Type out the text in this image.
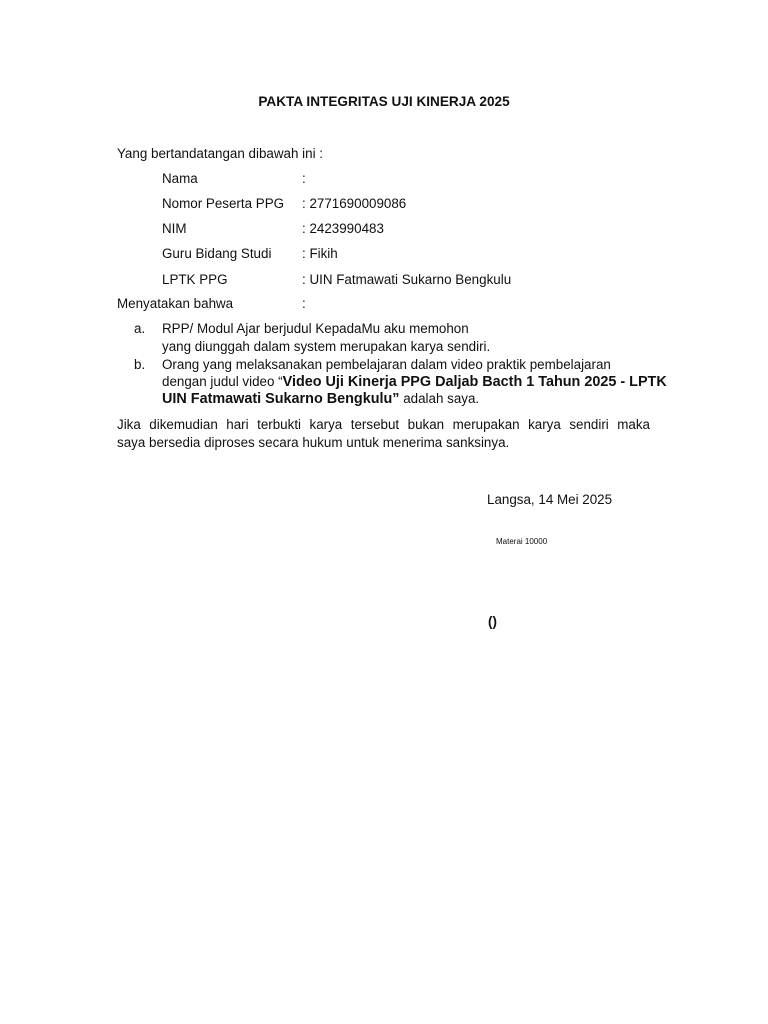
PAKTA INTEGRITAS UJI KINERJA 2025
Yang bertandatangan dibawah ini :
Nama	:
Nomor Peserta PPG : 2771690009086
NIM	: 2423990483
Guru Bidang Studi : Fikih
LPTK PPG	: UIN Fatmawati Sukarno Bengkulu
Menyatakan bahwa	:
a. RPP/ Modul Ajar berjudul KepadaMu aku memohon
yang diunggah dalam system merupakan karya sendiri.
b. Orang yang melaksanakan pembelajaran dalam video praktik pembelajaran
dengan judul video “Video Uji Kinerja PPG Daljab Bacth 1 Tahun 2025 - LPTK
UIN Fatmawati Sukarno Bengkulu” adalah saya.
Jika dikemudian hari terbukti karya tersebut bukan merupakan karya sendiri maka
saya bersedia diproses secara hukum untuk menerima sanksinya.
Langsa, 14 Mei 2025
Materai 10000
()
